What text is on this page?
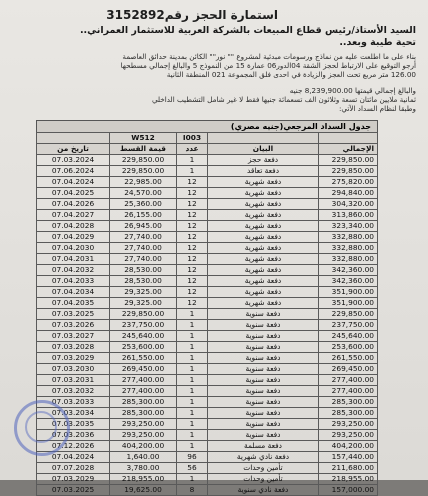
استمارة الحجز رقم3152892
السيد الأستاذ/رئيس قطاع المبيعات بالشركة العربية للاستثمار العمراني..
تحية طيبة وبعد..
بناء على ما اطلعت عليه من نماذج ورسومات مبدئية لمشروع "" نور"" الكائن بمدينة حدائق العاصمة
أرجو التوقيع على الارتباط لحجز الشقة 04الدور06 عمارة 15 من النموذج 5 والبالغ إجمالي مسطحها
126.00 متر مربع تحت العجز والزيادة في احدى فلق المجموعة 021 المنطقة الثانية
والبالغ إجمالي قيمتها 8,239,900.00 جنيه
ثمانية ملايين مائتان تسعة وثلاثون الف تسعمائة جنيها فقط لا غير شامل التشطيب الداخلي
وطبقا لنظام السداد الآتي:
جدول السداد المرجعي(جنيه مصري)
	W512	I003		
تاريخ من	قيمة القسط	عدد	البيان	الإجمالي
07.03.2024	229,850.00	1	دفعة حجز	229,850.00
07.06.2024	229,850.00	1	دفعة تعاقد	229,850.00
07.04.2024	22,985.00	12	دفعة شهرية	275,820.00
07.04.2025	24,570.00	12	دفعة شهرية	294,840.00
07.04.2026	25,360.00	12	دفعة شهرية	304,320.00
07.04.2027	26,155.00	12	دفعة شهرية	313,860.00
07.04.2028	26,945.00	12	دفعة شهرية	323,340.00
07.04.2029	27,740.00	12	دفعة شهرية	332,880.00
07.04.2030	27,740.00	12	دفعة شهرية	332,880.00
07.04.2031	27,740.00	12	دفعة شهرية	332,880.00
07.04.2032	28,530.00	12	دفعة شهرية	342,360.00
07.04.2033	28,530.00	12	دفعة شهرية	342,360.00
07.04.2034	29,325.00	12	دفعة شهرية	351,900.00
07.04.2035	29,325.00	12	دفعة شهرية	351,900.00
07.03.2025	229,850.00	1	دفعة سنوية	229,850.00
07.03.2026	237,750.00	1	دفعة سنوية	237,750.00
07.03.2027	245,640.00	1	دفعة سنوية	245,640.00
07.03.2028	253,600.00	1	دفعة سنوية	253,600.00
07.03.2029	261,550.00	1	دفعة سنوية	261,550.00
07.03.2030	269,450.00	1	دفعة سنوية	269,450.00
07.03.2031	277,400.00	1	دفعة سنوية	277,400.00
07.03.2032	277,400.00	1	دفعة سنوية	277,400.00
07.03.2033	285,300.00	1	دفعة سنوية	285,300.00
07.03.2034	285,300.00	1	دفعة سنوية	285,300.00
07.03.2035	293,250.00	1	دفعة سنوية	293,250.00
07.03.2036	293,250.00	1	دفعة سنوية	293,250.00
07.12.2026	404,200.00	1	دفعة مسلمة	404,200.00
07.04.2024	1,640.00	96	دفعة نادي شهرية	157,440.00
07.07.2028	3,780.00	56	تأمين وحدات	211,680.00
07.03.2029	218,955.00	1	تأمين وحدات	218,955.00
07.03.2025	19,625.00	8	دفعة نادي سنوية	157,000.00
